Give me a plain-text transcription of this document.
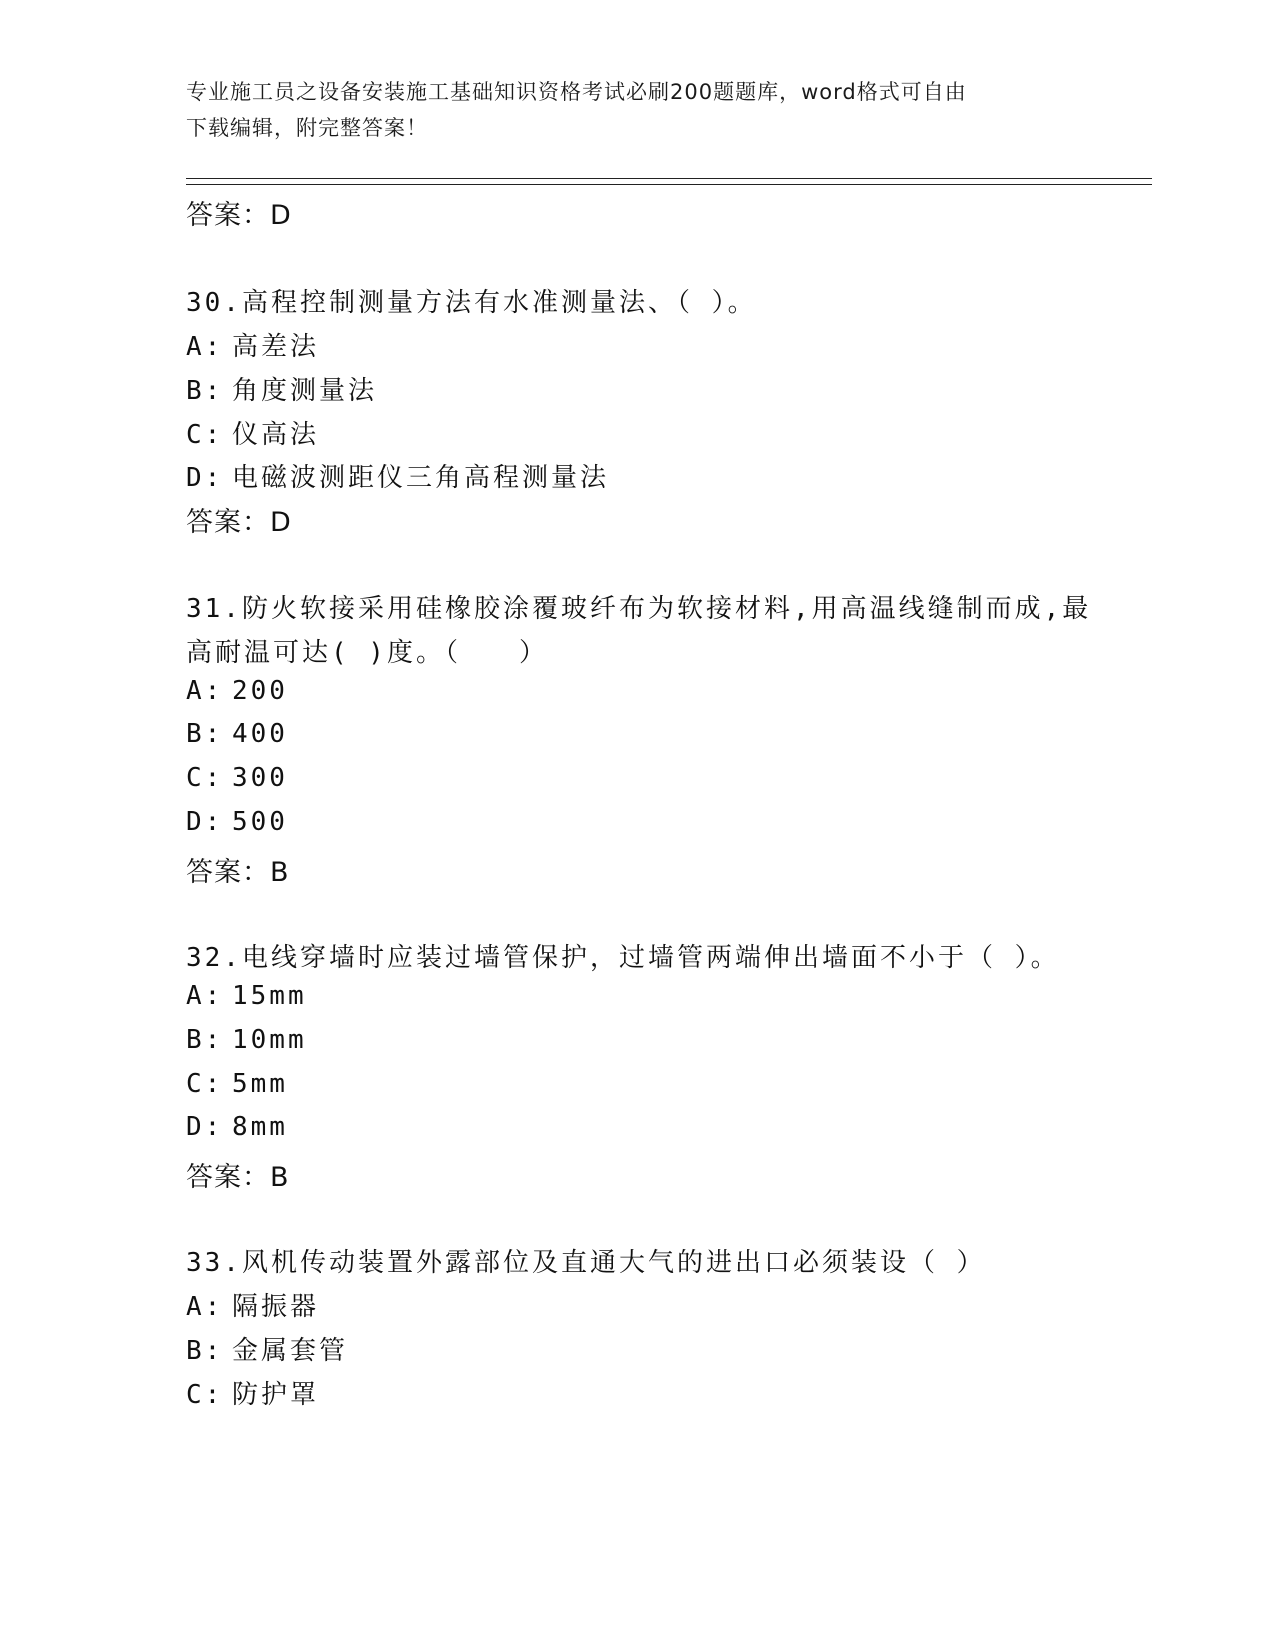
专业施工员之设备安装施工基础知识资格考试必刷200题题库，word格式可自由
下载编辑，附完整答案！
答案：D
30.高程控制测量方法有水准测量法、（ ）。
A: 高差法
B: 角度测量法
C: 仪高法
D: 电磁波测距仪三角高程测量法
答案：D
31.防火软接采用硅橡胶涂覆玻纤布为软接材料,用高温线缝制而成,最
高耐温可达( )度。（　　）
A: 200
B: 400
C: 300
D: 500
答案：B
32.电线穿墙时应装过墙管保护，过墙管两端伸出墙面不小于（ ）。
A: 15mm
B: 10mm
C: 5mm
D: 8mm
答案：B
33.风机传动装置外露部位及直通大气的进出口必须装设（ ）
A: 隔振器
B: 金属套管
C: 防护罩
